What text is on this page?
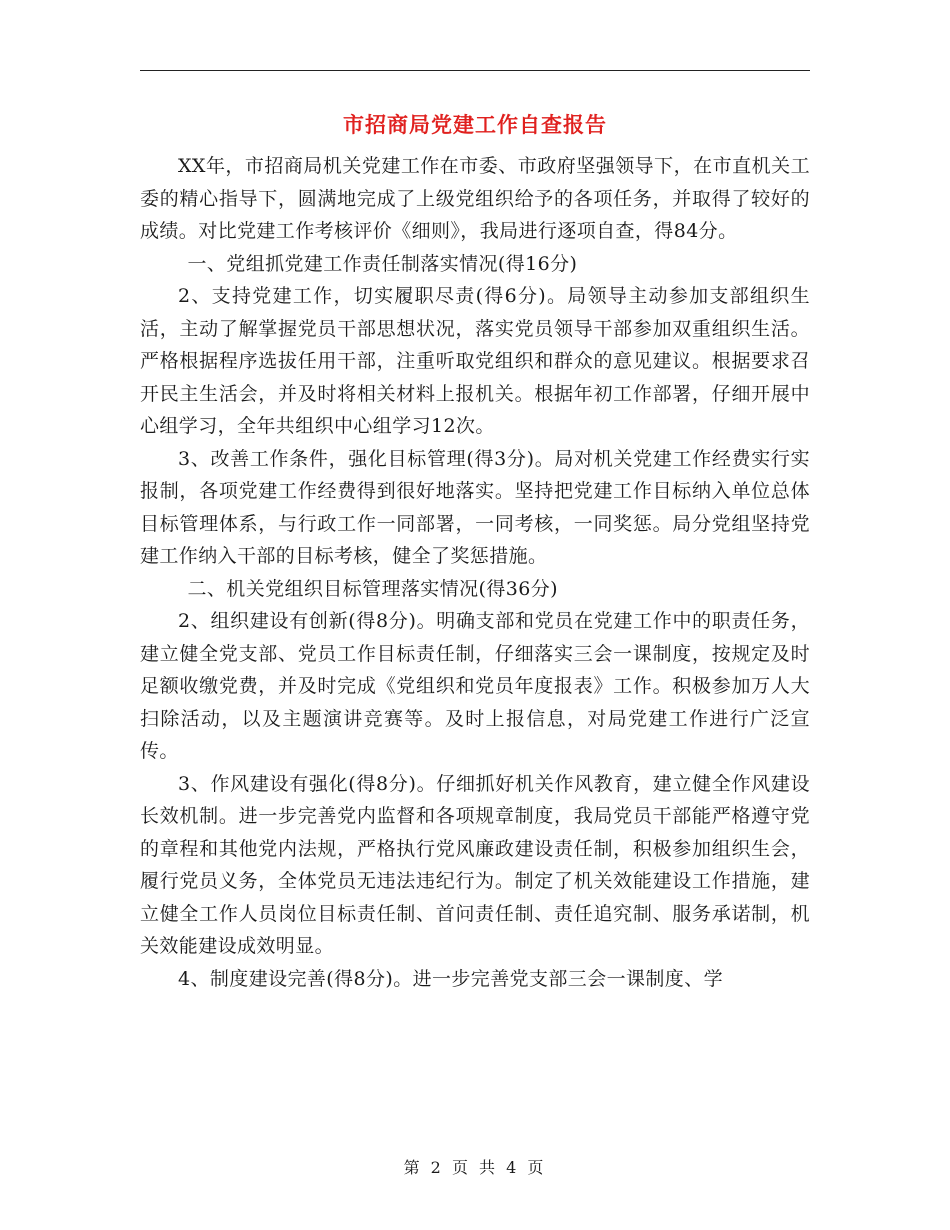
市招商局党建工作自查报告

XX年，市招商局机关党建工作在市委、市政府坚强领导下，在市直机关工委的精心指导下，圆满地完成了上级党组织给予的各项任务，并取得了较好的成绩。对比党建工作考核评价《细则》，我局进行逐项自查，得84分。

一、党组抓党建工作责任制落实情况(得16分)

2、支持党建工作，切实履职尽责(得6分)。局领导主动参加支部组织生活，主动了解掌握党员干部思想状况，落实党员领导干部参加双重组织生活。严格根据程序选拔任用干部，注重听取党组织和群众的意见建议。根据要求召开民主生活会，并及时将相关材料上报机关。根据年初工作部署，仔细开展中心组学习，全年共组织中心组学习12次。

3、改善工作条件，强化目标管理(得3分)。局对机关党建工作经费实行实报制，各项党建工作经费得到很好地落实。坚持把党建工作目标纳入单位总体目标管理体系，与行政工作一同部署，一同考核，一同奖惩。局分党组坚持党建工作纳入干部的目标考核，健全了奖惩措施。

二、机关党组织目标管理落实情况(得36分)

2、组织建设有创新(得8分)。明确支部和党员在党建工作中的职责任务，建立健全党支部、党员工作目标责任制，仔细落实三会一课制度，按规定及时足额收缴党费，并及时完成《党组织和党员年度报表》工作。积极参加万人大扫除活动，以及主题演讲竞赛等。及时上报信息，对局党建工作进行广泛宣传。

3、作风建设有强化(得8分)。仔细抓好机关作风教育，建立健全作风建设长效机制。进一步完善党内监督和各项规章制度，我局党员干部能严格遵守党的章程和其他党内法规，严格执行党风廉政建设责任制，积极参加组织生会，履行党员义务，全体党员无违法违纪行为。制定了机关效能建设工作措施，建立健全工作人员岗位目标责任制、首问责任制、责任追究制、服务承诺制，机关效能建设成效明显。

4、制度建设完善(得8分)。进一步完善党支部三会一课制度、学

第 2 页 共 4 页
